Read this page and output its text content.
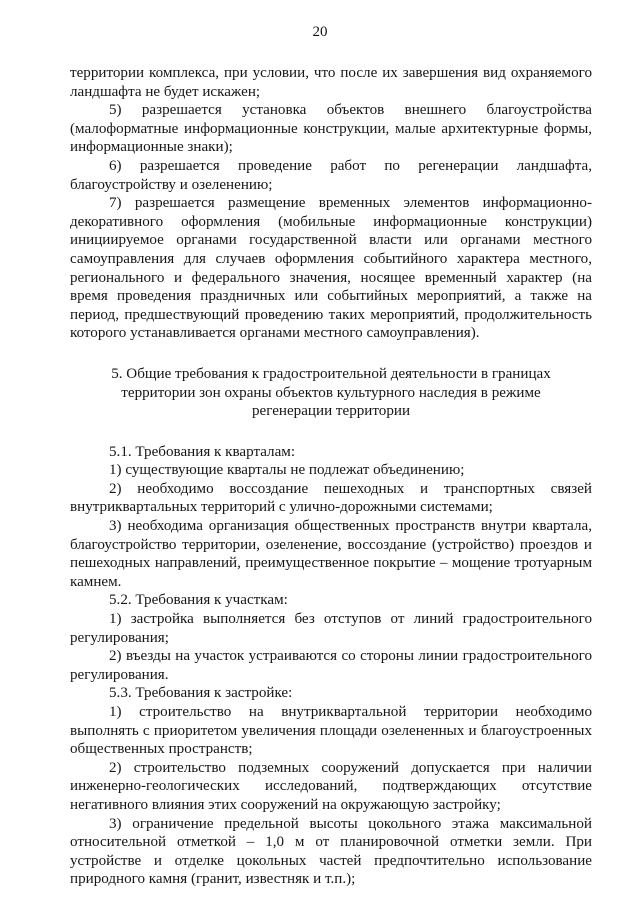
20

территории комплекса, при условии, что после их завершения вид охраняемого ландшафта не будет искажен;

5) разрешается установка объектов внешнего благоустройства (малоформатные информационные конструкции, малые архитектурные формы, информационные знаки);

6) разрешается проведение работ по регенерации ландшафта, благоустройству и озеленению;

7) разрешается размещение временных элементов информационно-декоративного оформления (мобильные информационные конструкции) инициируемое органами государственной власти или органами местного самоуправления для случаев оформления событийного характера местного, регионального и федерального значения, носящее временный характер (на время проведения праздничных или событийных мероприятий, а также на период, предшествующий проведению таких мероприятий, продолжительность которого устанавливается органами местного самоуправления).

5. Общие требования к градостроительной деятельности в границах

территории зон охраны объектов культурного наследия в режиме

регенерации территории

5.1. Требования к кварталам:

1) существующие кварталы не подлежат объединению;

2) необходимо воссоздание пешеходных и транспортных связей внутриквартальных территорий с улично-дорожными системами;

3) необходима организация общественных пространств внутри квартала, благоустройство территории, озеленение, воссоздание (устройство) проездов и пешеходных направлений, преимущественное покрытие – мощение тротуарным камнем.

5.2. Требования к участкам:

1) застройка выполняется без отступов от линий градостроительного регулирования;

2) въезды на участок устраиваются со стороны линии градостроительного регулирования.

5.3. Требования к застройке:

1) строительство на внутриквартальной территории необходимо выполнять с приоритетом увеличения площади озелененных и благоустроенных общественных пространств;

2) строительство подземных сооружений допускается при наличии инженерно-геологических исследований, подтверждающих отсутствие негативного влияния этих сооружений на окружающую застройку;

3) ограничение предельной высоты цокольного этажа максимальной относительной отметкой – 1,0 м от планировочной отметки земли. При устройстве и отделке цокольных частей предпочтительно использование природного камня (гранит, известняк и т.п.);
